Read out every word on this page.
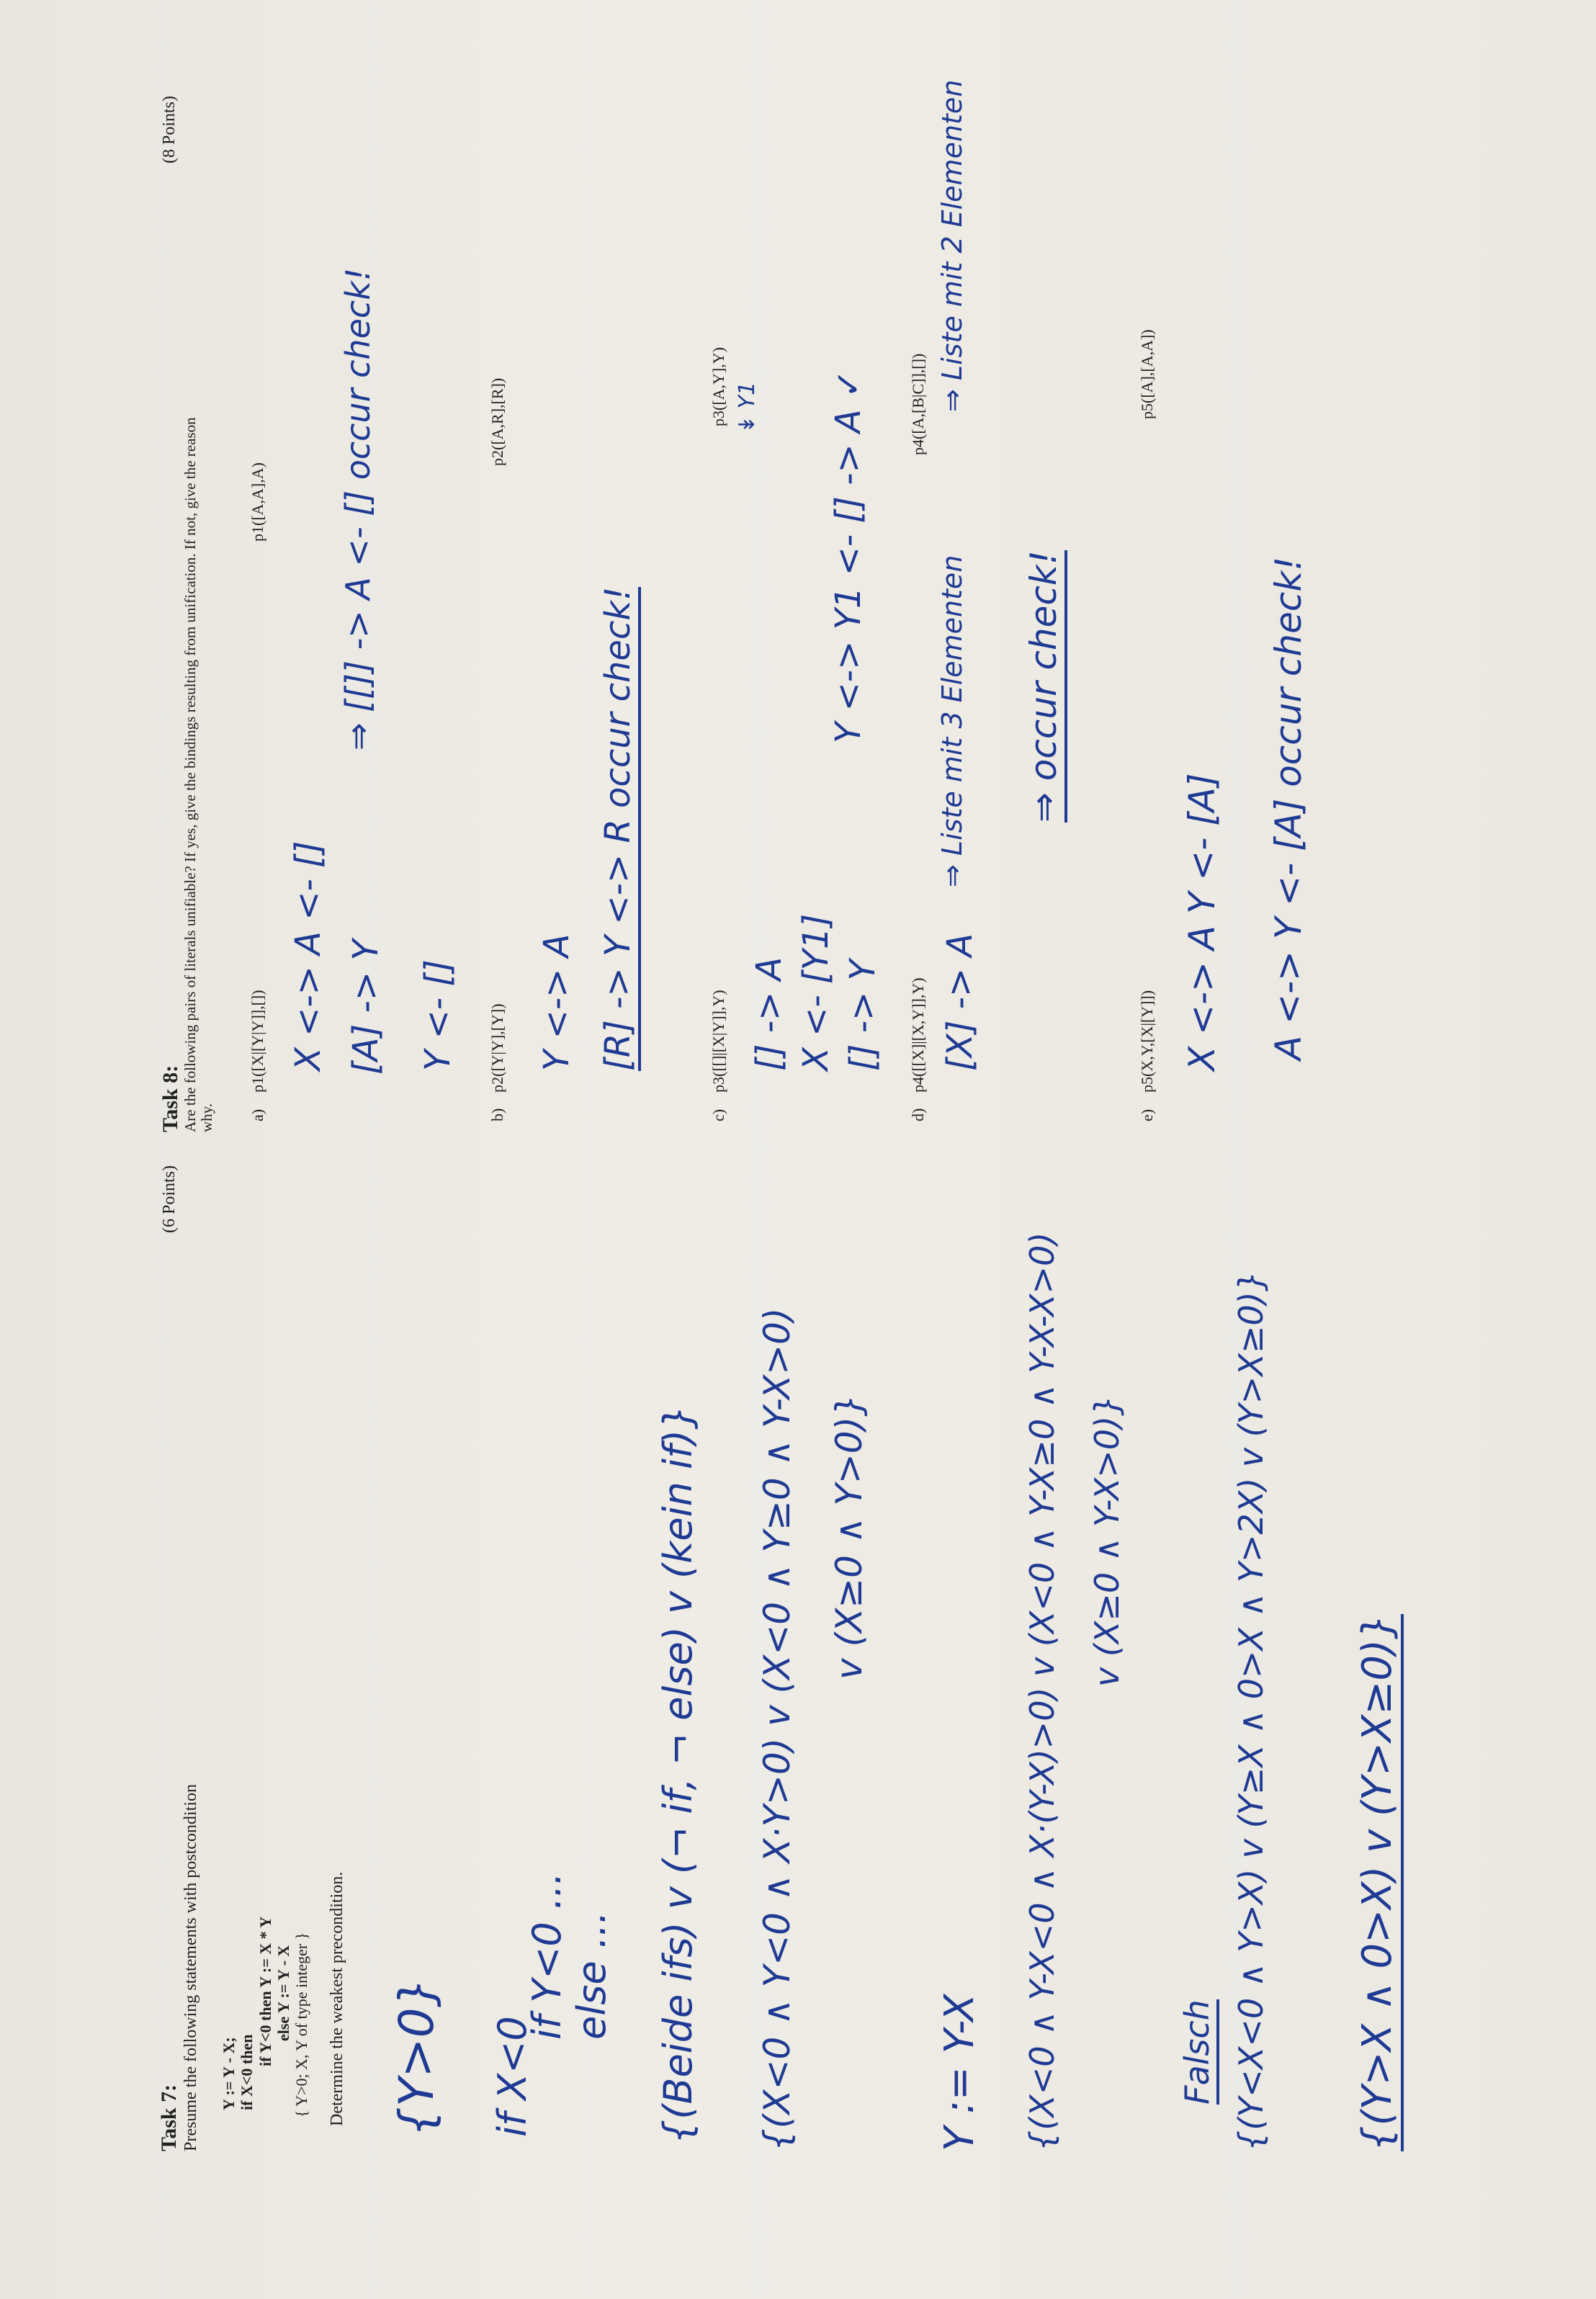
Task 7:
(6 Points)
Presume the following statements with postcondition Y := Y - X; if X<0 then
if Y<0 then Y := X * Y else Y := Y - X { Y>0; X, Y of type integer } Determine the weakest precondition. {Y>0} if X<0
if Y<0 ... else ... {(Beide ifs) v (¬ if, ¬ else) v (kein if)} {(X<0 ∧ Y<0 ∧ X·Y>0) v (X<0 ∧ Y≥0 ∧ Y-X>0) v (X≥0 ∧ Y>0)}
Y := Y-X {(X<0 ∧ Y-X<0 ∧ X·(Y-X)>0) v (X<0 ∧ Y-X≥0 ∧ Y-X-X>0) v (X≥0 ∧ Y-X>0)}
Falsch {(Y<X<0 ∧ Y>X) v (Y≥X ∧ 0>X ∧ Y>2X) v (Y>X≥0)} {(Y>X ∧ 0>X) v (Y>X≥0)}
Task 8:
(8 Points)
Are the following pairs of literals unifiable? If yes, give the bindings resulting from unification. If not, give the reason why. a)
p1([X|[Y|Y]],[])
p1([A,A],A)
b)
p2([Y|Y],[Y])
p2([A,R],[R])
c)
p3([[]|[X|Y]],Y)
p3([A,Y],Y)
d)
p4([[X]|[X,Y]],Y)
p4([A,[B|C]],[])
e)
p5(X,Y,[X|[Y]])
p5([A],[A,A])
X <-> A <- [] [A] -> Y
⇒ [[]] -> A <- [] occur check!
Y <- [] Y <-> A [R] -> Y <-> R occur check!	[] -> A X <- [Y1] [] -> Y
Y <-> Y1 <- [] -> A ✓
↡ Y1
[X] -> A
⇒ Liste mit 3 Elementen
⇒ Liste mit 2 Elementen
⇒ occur check!
X <-> A Y <- [A] A <-> Y <- [A] occur check!
